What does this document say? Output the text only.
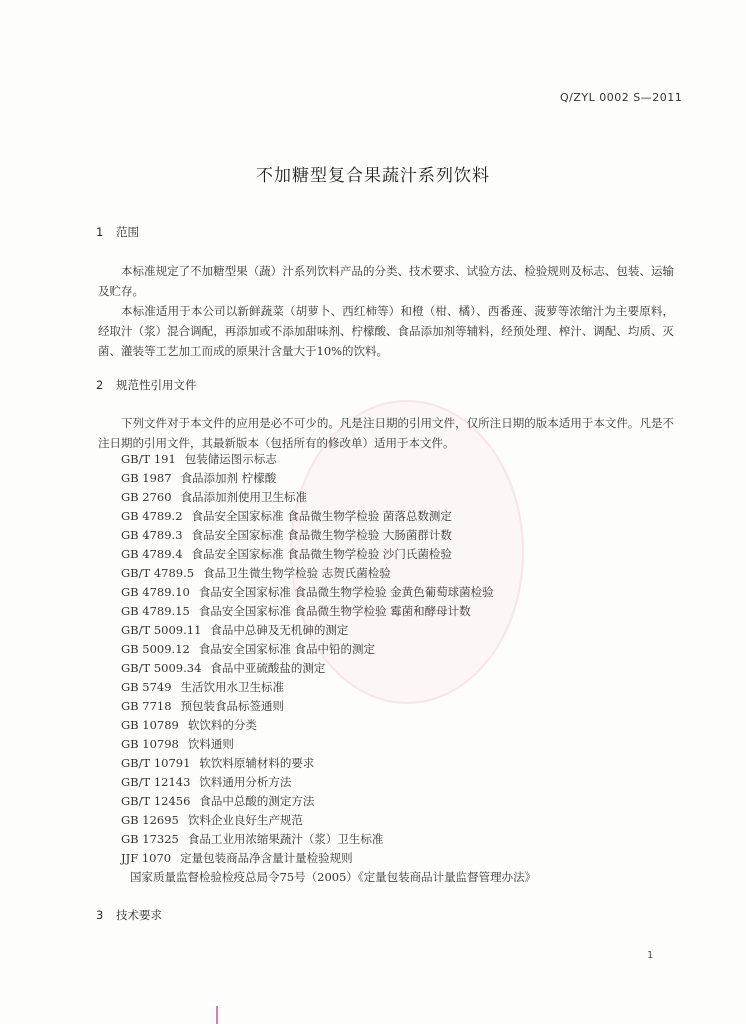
Q/ZYL 0002 S—2011
不加糖型复合果蔬汁系列饮料
1 范围
本标准规定了不加糖型果（蔬）汁系列饮料产品的分类、技术要求、试验方法、检验规则及标志、包装、运输及贮存。
本标准适用于本公司以新鲜蔬菜（胡萝卜、西红柿等）和橙（柑、橘）、西番莲、菠萝等浓缩汁为主要原料，经取汁（浆）混合调配，再添加或不添加甜味剂、柠檬酸、食品添加剂等辅料，经预处理、榨汁、调配、均质、灭菌、灌装等工艺加工而成的原果汁含量大于10%的饮料。
2 规范性引用文件
下列文件对于本文件的应用是必不可少的。凡是注日期的引用文件，仅所注日期的版本适用于本文件。凡是不注日期的引用文件，其最新版本（包括所有的修改单）适用于本文件。
GB/T 191 包装储运图示标志
GB 1987 食品添加剂 柠檬酸
GB 2760 食品添加剂使用卫生标准
GB 4789.2 食品安全国家标准 食品微生物学检验 菌落总数测定
GB 4789.3 食品安全国家标准 食品微生物学检验 大肠菌群计数
GB 4789.4 食品安全国家标准 食品微生物学检验 沙门氏菌检验
GB/T 4789.5 食品卫生微生物学检验 志贺氏菌检验
GB 4789.10 食品安全国家标准 食品微生物学检验 金黄色葡萄球菌检验
GB 4789.15 食品安全国家标准 食品微生物学检验 霉菌和酵母计数
GB/T 5009.11 食品中总砷及无机砷的测定
GB 5009.12 食品安全国家标准 食品中铅的测定
GB/T 5009.34 食品中亚硫酸盐的测定
GB 5749 生活饮用水卫生标准
GB 7718 预包装食品标签通则
GB 10789 软饮料的分类
GB 10798 饮料通则
GB/T 10791 软饮料原辅材料的要求
GB/T 12143 饮料通用分析方法
GB/T 12456 食品中总酸的测定方法
GB 12695 饮料企业良好生产规范
GB 17325 食品工业用浓缩果蔬汁（浆）卫生标准
JJF 1070 定量包装商品净含量计量检验规则
国家质量监督检验检疫总局令75号（2005）《定量包装商品计量监督管理办法》
3 技术要求
1
